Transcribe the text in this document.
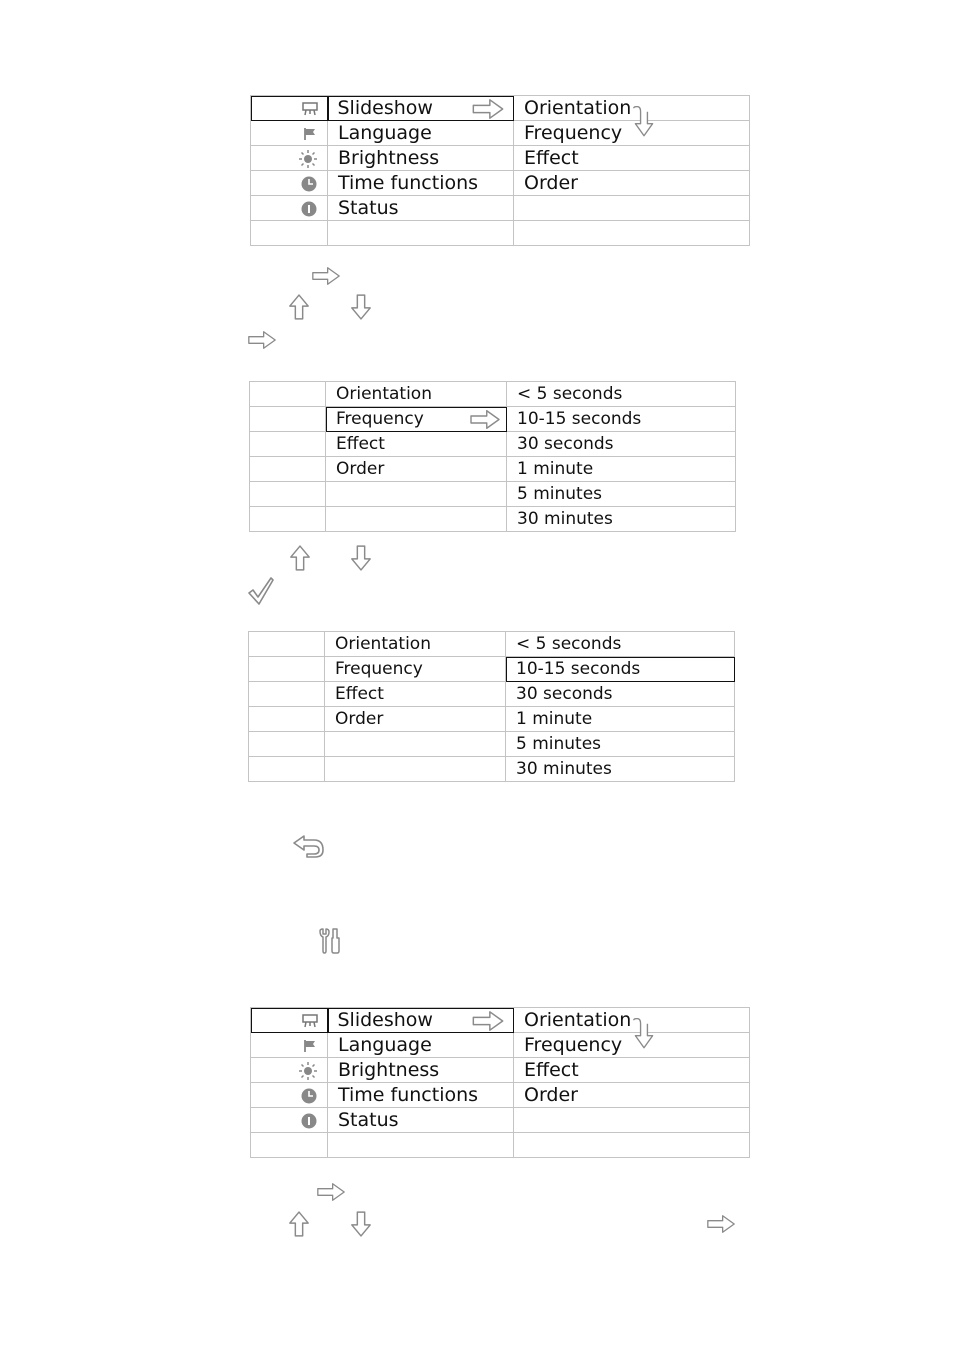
	Slideshow	Orientation

	Language	Frequency
	Brightness	Effect
	Time functions	Order
	Status	

	Orientation	< 5 seconds
	Frequency	10-15 seconds
	Effect	30 seconds
	Order	1 minute
		5 minutes
		30 minutes
	Orientation	< 5 seconds
	Frequency	10-15 seconds
	Effect	30 seconds
	Order	1 minute
		5 minutes
		30 minutes
	Slideshow	Orientation

	Language	Frequency
	Brightness	Effect
	Time functions	Order
	Status	
